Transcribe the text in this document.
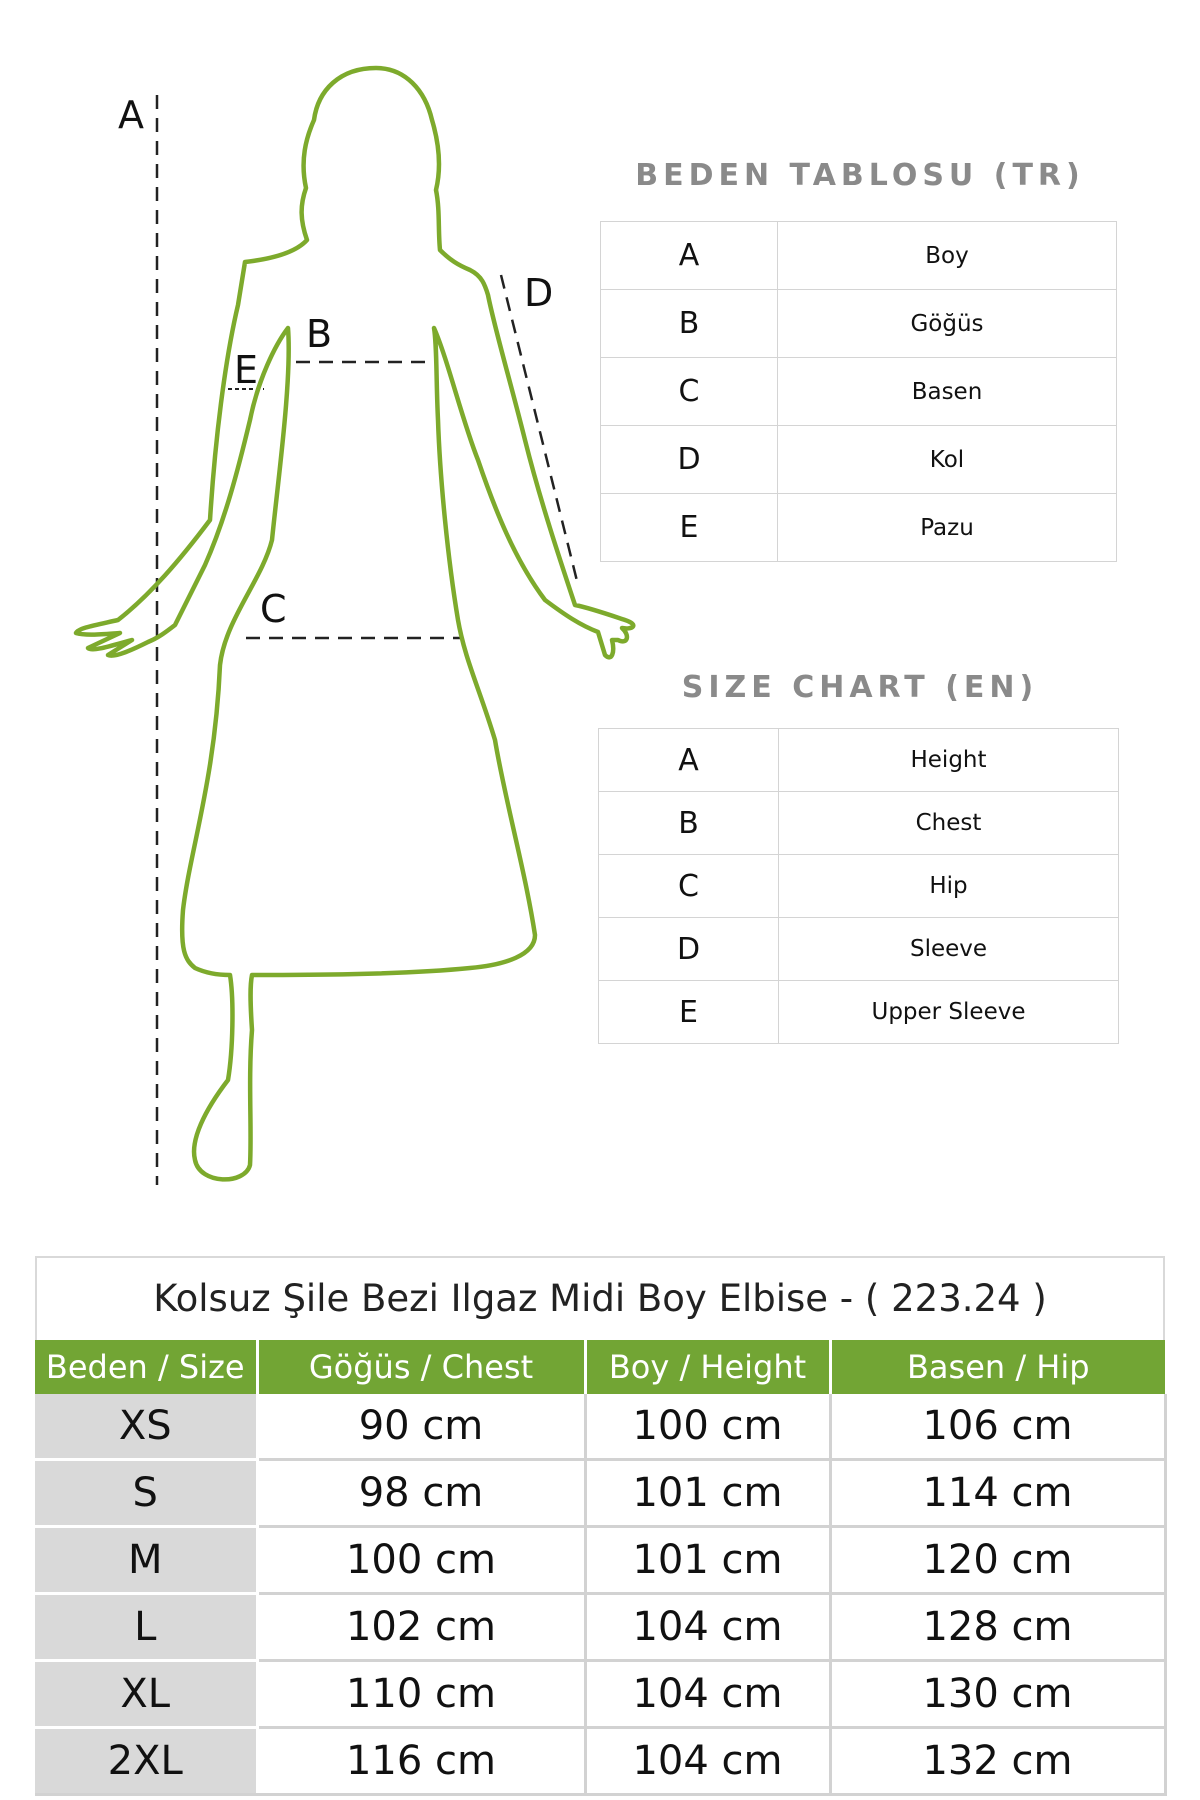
A
B
C
D
E
BEDEN TABLOSU (TR)
A	Boy
B	Göğüs
C	Basen
D	Kol
E	Pazu
SIZE CHART (EN)
A	Height
B	Chest
C	Hip
D	Sleeve
E	Upper Sleeve
Kolsuz Şile Bezi Ilgaz Midi Boy Elbise - ( 223.24 )
Beden / Size	Göğüs / Chest	Boy / Height	Basen / Hip
XS	90 cm	100 cm	106 cm
S	98 cm	101 cm	114 cm
M	100 cm	101 cm	120 cm
L	102 cm	104 cm	128 cm
XL	110 cm	104 cm	130 cm
2XL	116 cm	104 cm	132 cm
